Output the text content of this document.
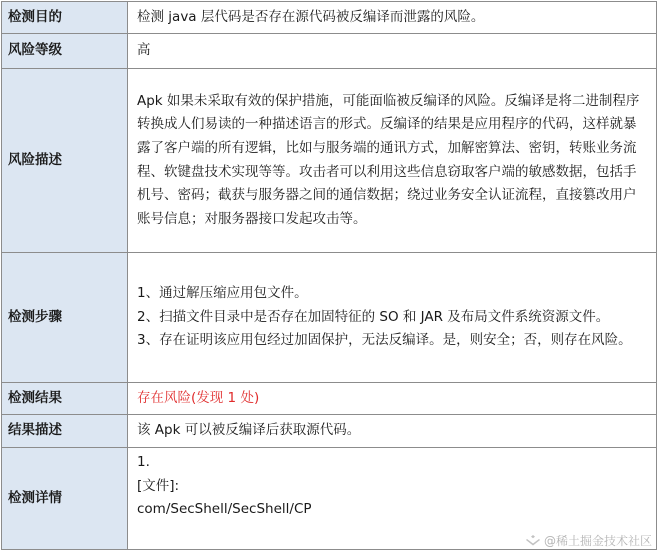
检测目的	检测 java 层代码是否存在源代码被反编译而泄露的风险。
风险等级	高
风险描述	Apk 如果未采取有效的保护措施，可能面临被反编译的风险。反编译是将二进制程序转换成人们易读的一种描述语言的形式。反编译的结果是应用程序的代码，这样就暴露了客户端的所有逻辑，比如与服务端的通讯方式，加解密算法、密钥，转账业务流程、软键盘技术实现等等。攻击者可以利用这些信息窃取客户端的敏感数据，包括手机号、密码；截获与服务器之间的通信数据；绕过业务安全认证流程，直接篡改用户账号信息；对服务器接口发起攻击等。
检测步骤	1、通过解压缩应用包文件。
2、扫描文件目录中是否存在加固特征的 SO 和 JAR 及布局文件系统资源文件。
3、存在证明该应用包经过加固保护，无法反编译。是，则安全；否，则存在风险。

检测结果	存在风险(发现 1 处)
结果描述	该 Apk 可以被反编译后获取源代码。
检测详情	1.
[文件]:
com/SecShell/SecShell/CP
@稀土掘金技术社区
